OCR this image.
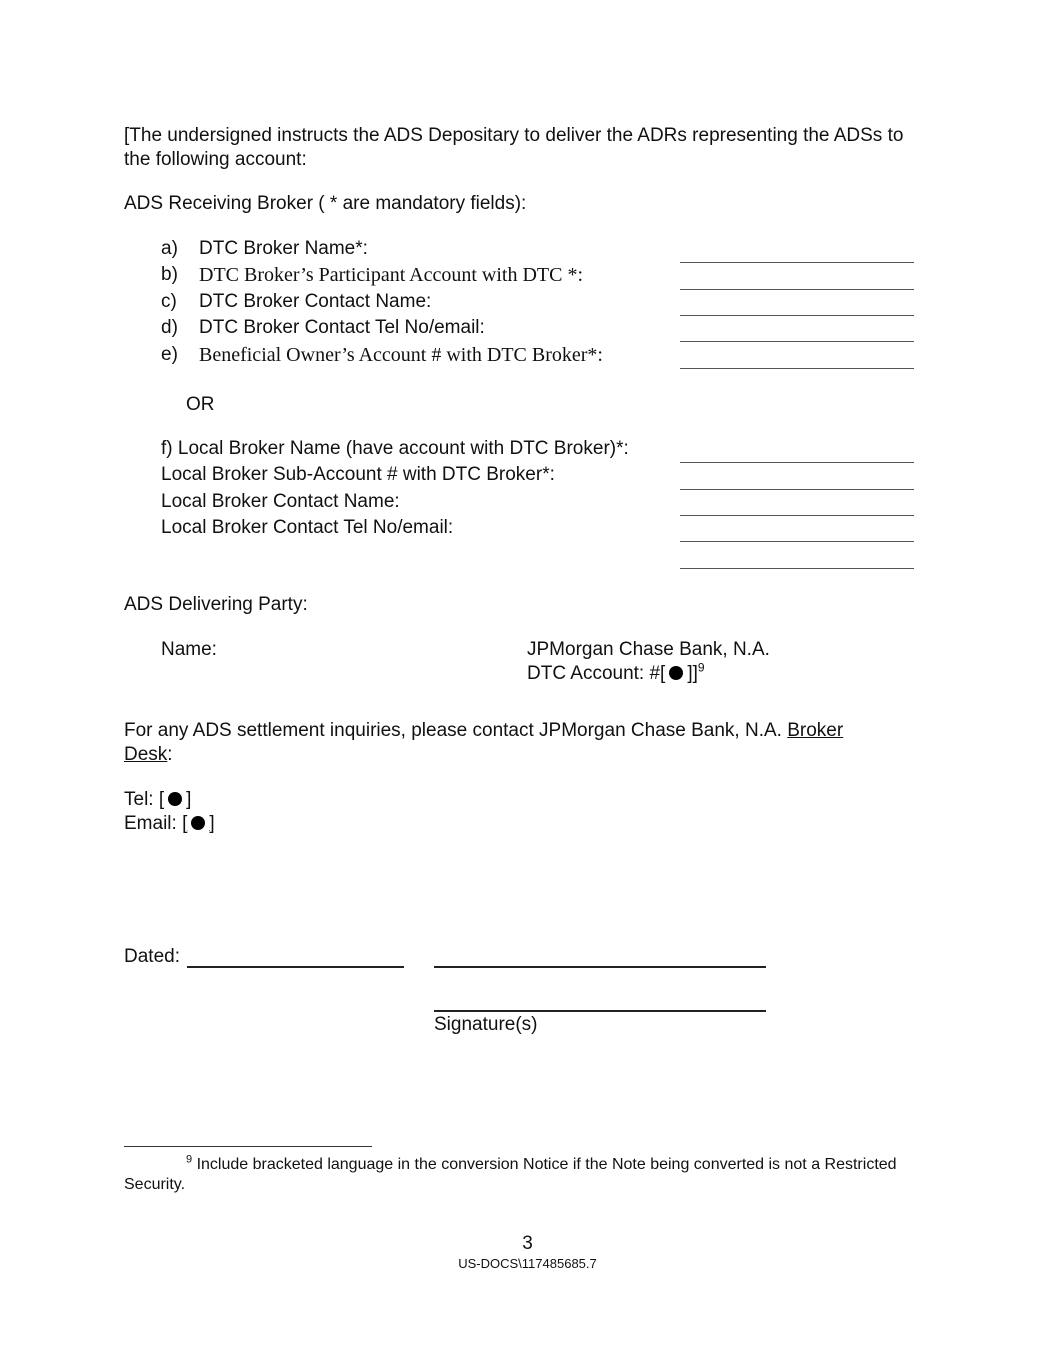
[The undersigned instructs the ADS Depositary to deliver the ADRs representing the ADSs to
the following account:
ADS Receiving Broker ( * are mandatory fields):
a) DTC Broker Name*:
b) DTC Broker’s Participant Account with DTC *:
c) DTC Broker Contact Name:
d) DTC Broker Contact Tel No/email:
e) Beneficial Owner’s Account # with DTC Broker*:
OR
f) Local Broker Name (have account with DTC Broker)*:
Local Broker Sub-Account # with DTC Broker*:
Local Broker Contact Name:
Local Broker Contact Tel No/email:
ADS Delivering Party:
Name:	JPMorgan Chase Bank, N.A.
DTC Account: #[ ]]$^9$
For any ADS settlement inquiries, please contact JPMorgan Chase Bank, N.A. Broker
Desk:
Tel: [ ]
Email: [ ]
Dated:
Signature(s)
$^9$ Include bracketed language in the conversion Notice if the Note being converted is not a Restricted
Security.
3
US-DOCS\117485685.7
